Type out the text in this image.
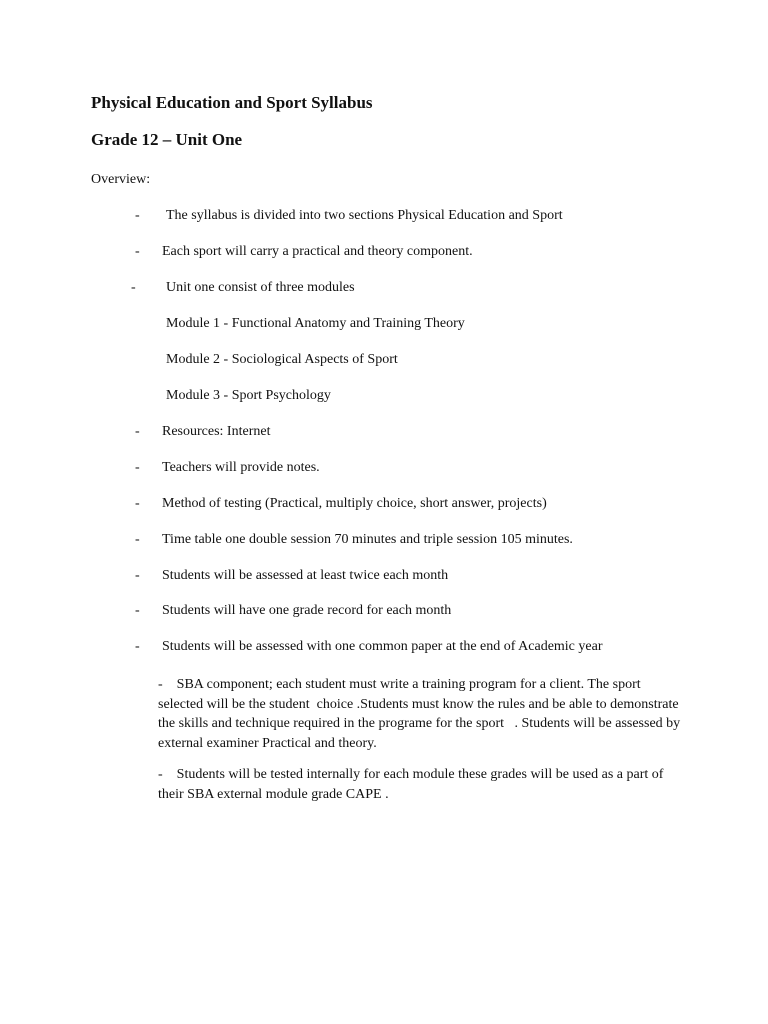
Physical Education and Sport Syllabus
Grade 12 – Unit One
Overview:
- The syllabus is divided into two sections Physical Education and Sport
- Each sport will carry a practical and theory component.
- Unit one consist of three modules
Module 1 - Functional Anatomy and Training Theory
Module 2 - Sociological Aspects of Sport
Module 3 - Sport Psychology
- Resources: Internet
- Teachers will provide notes.
- Method of testing (Practical, multiply choice, short answer, projects)
- Time table one double session 70 minutes and triple session 105 minutes.
- Students will be assessed at least twice each month
- Students will have one grade record for each month
- Students will be assessed with one common paper at the end of Academic year
-    SBA component; each student must write a training program for a client. The sport selected will be the student  choice .Students must know the rules and be able to demonstrate  the skills and technique required in the programe for the sport   . Students will be assessed by external examiner Practical and theory.
-    Students will be tested internally for each module these grades will be used as a part of their SBA external module grade CAPE .
